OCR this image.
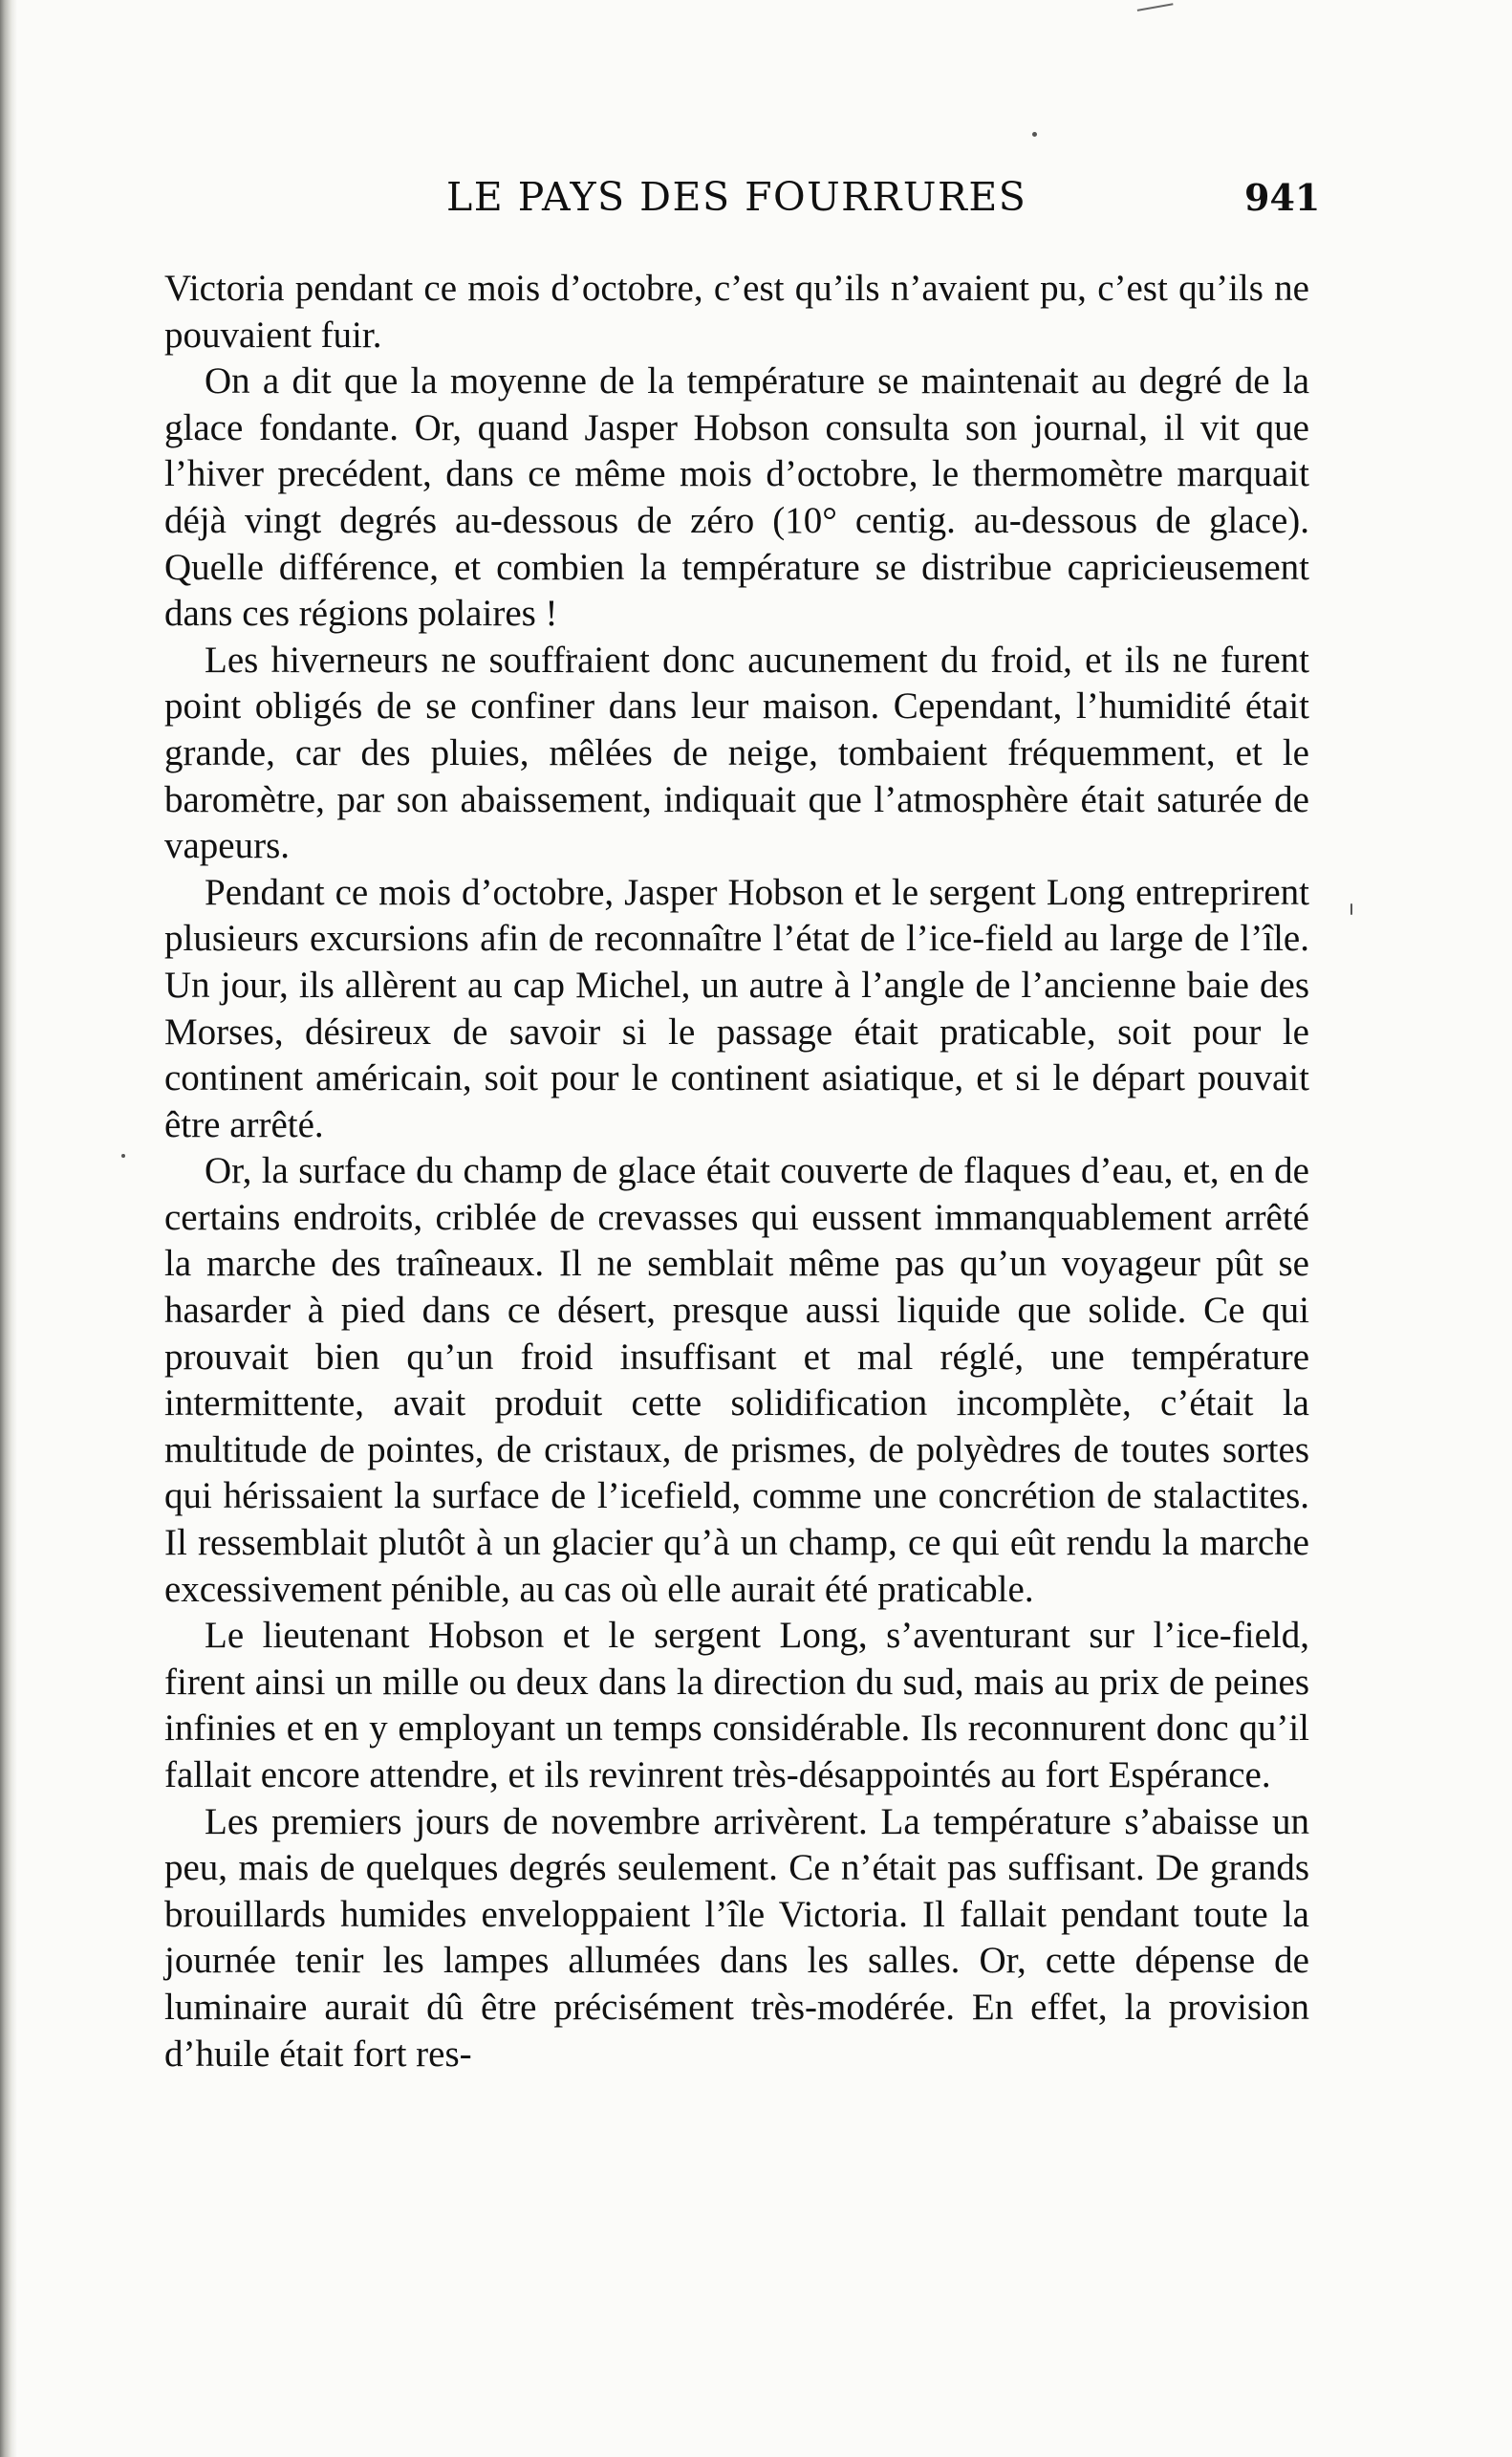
LE PAYS DES FOURRURES	941

Victoria pendant ce mois d’octobre, c’est qu’ils n’avaient pu, c’est qu’ils ne pouvaient fuir.

On a dit que la moyenne de la température se maintenait au degré de la glace fondante. Or, quand Jasper Hobson consulta son journal, il vit que l’hiver precédent, dans ce même mois d’octobre, le thermomètre marquait déjà vingt degrés au-dessous de zéro (10° centig. au-dessous de glace). Quelle différence, et combien la température se distribue capricieusement dans ces régions polaires !

Les hiverneurs ne souffraient donc aucunement du froid, et ils ne furent point obligés de se confiner dans leur maison. Cependant, l’humidité était grande, car des pluies, mêlées de neige, tombaient fréquemment, et le baromètre, par son abaissement, indiquait que l’atmosphère était saturée de vapeurs.

Pendant ce mois d’octobre, Jasper Hobson et le sergent Long entreprirent plusieurs excursions afin de reconnaître l’état de l’ice-field au large de l’île. Un jour, ils allèrent au cap Michel, un autre à l’angle de l’ancienne baie des Morses, désireux de savoir si le passage était praticable, soit pour le continent américain, soit pour le continent asiatique, et si le départ pouvait être arrêté.

Or, la surface du champ de glace était couverte de flaques d’eau, et, en de certains endroits, criblée de crevasses qui eussent immanquablement arrêté la marche des traîneaux. Il ne semblait même pas qu’un voyageur pût se hasarder à pied dans ce désert, presque aussi liquide que solide. Ce qui prouvait bien qu’un froid insuffisant et mal réglé, une température intermittente, avait produit cette solidification incomplète, c’était la multitude de pointes, de cristaux, de prismes, de polyèdres de toutes sortes qui hérissaient la surface de l’icefield, comme une concrétion de stalactites. Il ressemblait plutôt à un glacier qu’à un champ, ce qui eût rendu la marche excessivement pénible, au cas où elle aurait été praticable.

Le lieutenant Hobson et le sergent Long, s’aventurant sur l’ice-field, firent ainsi un mille ou deux dans la direction du sud, mais au prix de peines infinies et en y employant un temps considérable. Ils reconnurent donc qu’il fallait encore attendre, et ils revinrent très-désappointés au fort Espérance.

Les premiers jours de novembre arrivèrent. La température s’abaisse un peu, mais de quelques degrés seulement. Ce n’était pas suffisant. De grands brouillards humides enveloppaient l’île Victoria. Il fallait pendant toute la journée tenir les lampes allumées dans les salles. Or, cette dépense de luminaire aurait dû être précisément très-modérée. En effet, la provision d’huile était fort res-
